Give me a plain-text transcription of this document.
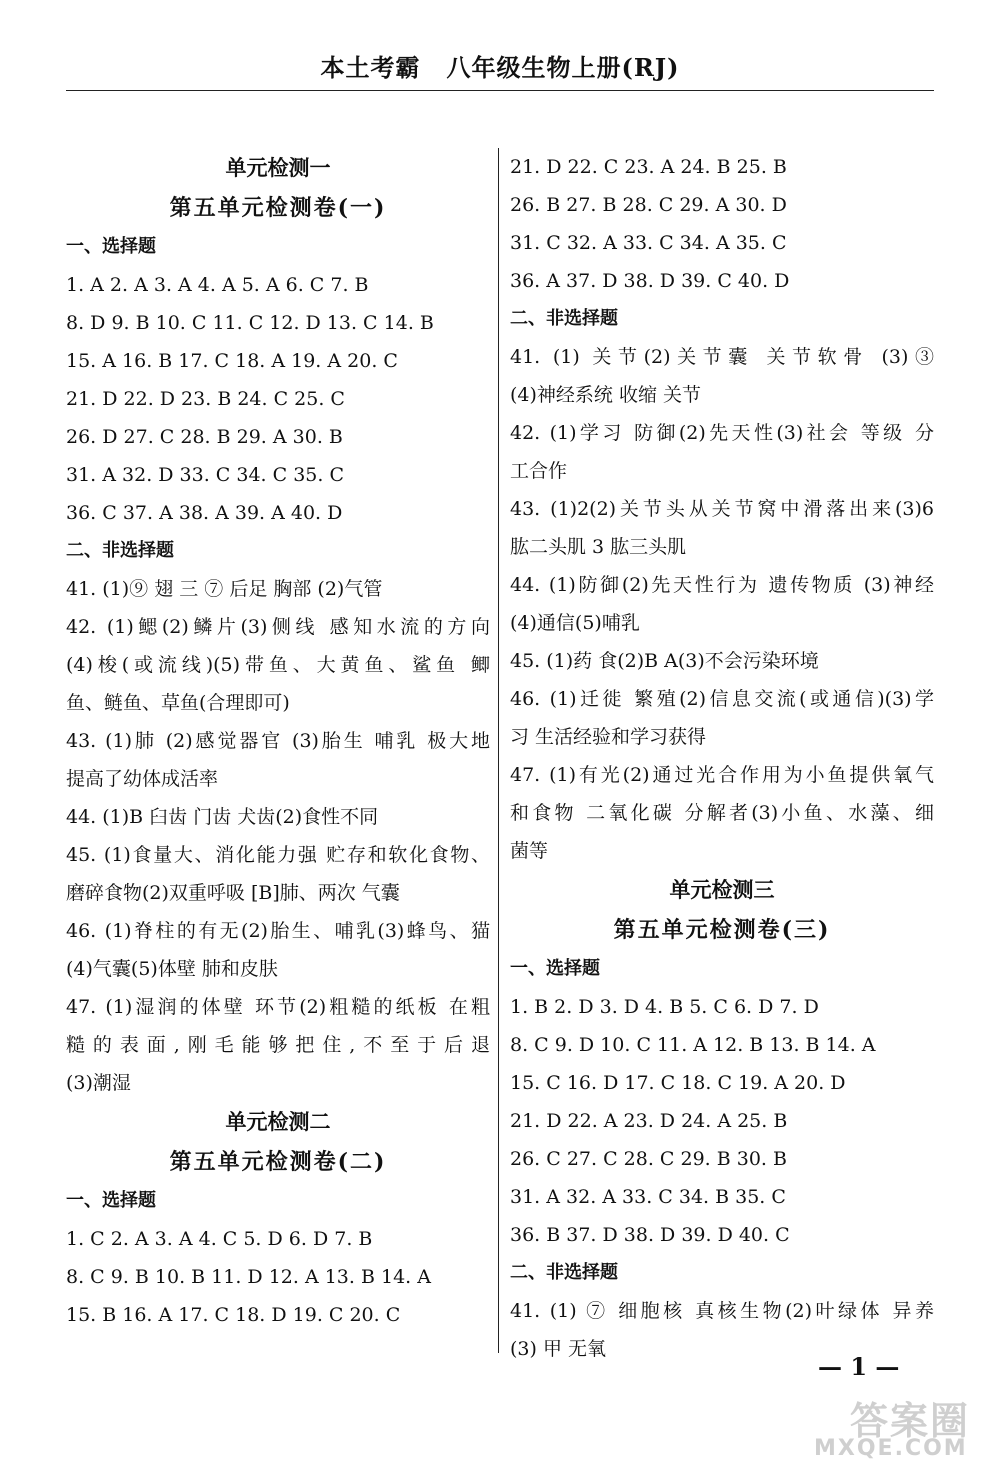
本土考霸 八年级生物上册(RJ)
单元检测一
第五单元检测卷(一)
一、选择题
1. A 2. A 3. A 4. A 5. A 6. C 7. B
8. D 9. B 10. C 11. C 12. D 13. C 14. B
15. A 16. B 17. C 18. A 19. A 20. C
21. D 22. D 23. B 24. C 25. C
26. D 27. C 28. B 29. A 30. B
31. A 32. D 33. C 34. C 35. C
36. C 37. A 38. A 39. A 40. D
二、非选择题
41. (1)⑨ 翅 三 ⑦ 后足 胸部 (2)气管
42. (1)鳃(2)鳞片(3)侧线 感知水流的方向
(4)梭(或流线)(5)带鱼、大黄鱼、鲨鱼 鲫
鱼、鲢鱼、草鱼(合理即可)
43. (1)肺 (2)感觉器官 (3)胎生 哺乳 极大地
提高了幼体成活率
44. (1)B 臼齿 门齿 犬齿(2)食性不同
45. (1)食量大、消化能力强 贮存和软化食物、
磨碎食物(2)双重呼吸 [B]肺、两次 气囊
46. (1)脊柱的有无(2)胎生、哺乳(3)蜂鸟、猫
(4)气囊(5)体壁 肺和皮肤
47. (1)湿润的体壁 环节(2)粗糙的纸板 在粗
糙的表面,刚毛能够把住,不至于后退
(3)潮湿
单元检测二
第五单元检测卷(二)
一、选择题
1. C 2. A 3. A 4. C 5. D 6. D 7. B
8. C 9. B 10. B 11. D 12. A 13. B 14. A
15. B 16. A 17. C 18. D 19. C 20. C
21. D 22. C 23. A 24. B 25. B
26. B 27. B 28. C 29. A 30. D
31. C 32. A 33. C 34. A 35. C
36. A 37. D 38. D 39. C 40. D
二、非选择题
41. (1) 关节(2)关节囊 关节软骨 (3)③
(4)神经系统 收缩 关节
42. (1)学习 防御(2)先天性(3)社会 等级 分
工合作
43. (1)2(2)关节头从关节窝中滑落出来(3)6
肱二头肌 3 肱三头肌
44. (1)防御(2)先天性行为 遗传物质 (3)神经
(4)通信(5)哺乳
45. (1)药 食(2)B A(3)不会污染环境
46. (1)迁徙 繁殖(2)信息交流(或通信)(3)学
习 生活经验和学习获得
47. (1)有光(2)通过光合作用为小鱼提供氧气
和食物 二氧化碳 分解者(3)小鱼、水藻、细
菌等
单元检测三
第五单元检测卷(三)
一、选择题
1. B 2. D 3. D 4. B 5. C 6. D 7. D
8. C 9. D 10. C 11. A 12. B 13. B 14. A
15. C 16. D 17. C 18. C 19. A 20. D
21. D 22. A 23. D 24. A 25. B
26. C 27. C 28. C 29. B 30. B
31. A 32. A 33. C 34. B 35. C
36. B 37. D 38. D 39. D 40. C
二、非选择题
41. (1) ⑦ 细胞核 真核生物(2)叶绿体 异养
(3) 甲 无氧
— 1 —
答案圈
MXQE.COM
